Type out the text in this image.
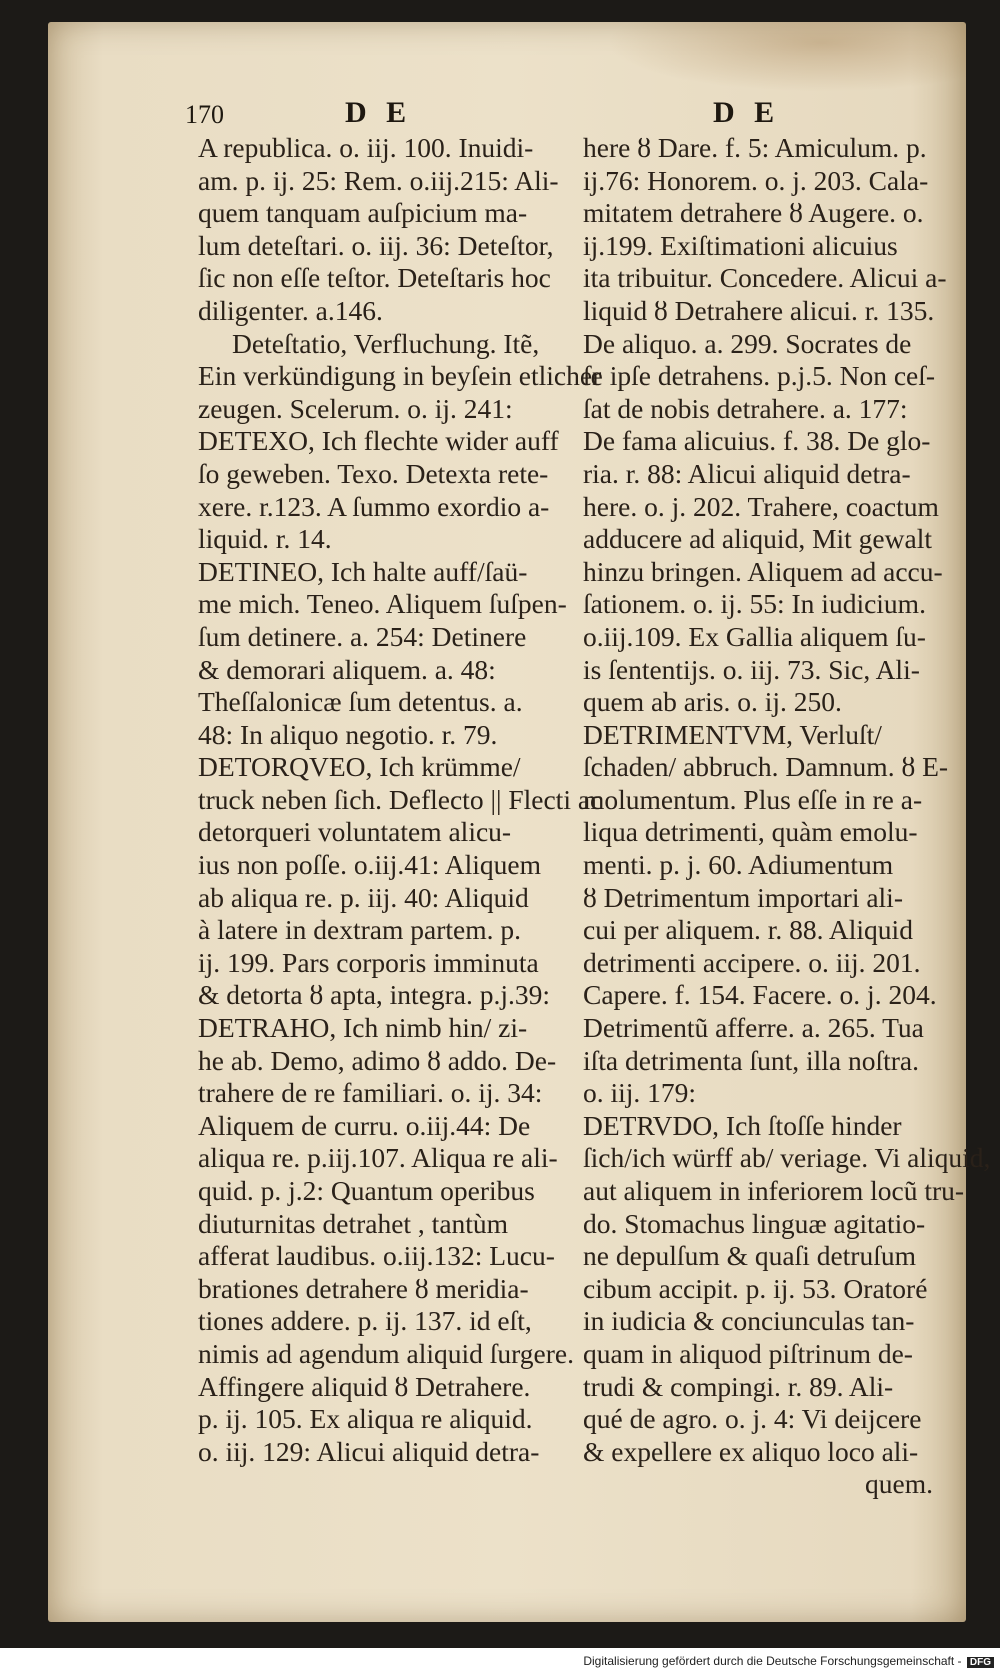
170	D E	D E
A republica. o. iij. 100. Inuidi-
am. p. ij. 25: Rem. o.iij.215: Ali-
quem tanquam auſpicium ma-
lum deteſtari. o. iij. 36: Deteſtor,
ſic non eſſe teſtor. Deteſtaris hoc
diligenter. a.146.
Deteſtatio, Verfluchung. Itẽ,
Ein verkündigung in beyſein etlicher
zeugen. Scelerum. o. ij. 241:
DETEXO, Ich flechte wider auff
ſo geweben. Texo. Detexta rete-
xere. r.123. A ſummo exordio a-
liquid. r. 14.
DETINEO, Ich halte auff/ſaü-
me mich. Teneo. Aliquem ſuſpen-
ſum detinere. a. 254: Detinere
& demorari aliquem. a. 48:
Theſſalonicæ ſum detentus. a.
48: In aliquo negotio. r. 79.
DETORQVEO, Ich krümme/
truck neben ſich. Deflecto || Flecti ac
detorqueri voluntatem alicu-
ius non poſſe. o.iij.41: Aliquem
ab aliqua re. p. iij. 40: Aliquid
à latere in dextram partem. p.
ij. 199. Pars corporis imminuta
& detorta ȣ apta, integra. p.j.39:
DETRAHO, Ich nimb hin/ zi-
he ab. Demo, adimo ȣ addo. De-
trahere de re familiari. o. ij. 34:
Aliquem de curru. o.iij.44: De
aliqua re. p.iij.107. Aliqua re ali-
quid. p. j.2: Quantum operibus
diuturnitas detrahet , tantùm
afferat laudibus. o.iij.132: Lucu-
brationes detrahere ȣ meridia-
tiones addere. p. ij. 137. id eſt,
nimis ad agendum aliquid ſurgere.
Affingere aliquid ȣ Detrahere.
p. ij. 105. Ex aliqua re aliquid.
o. iij. 129: Alicui aliquid detra-
here ȣ Dare. f. 5: Amiculum. p.
ij.76: Honorem. o. j. 203. Cala-
mitatem detrahere ȣ Augere. o.
ij.199. Exiſtimationi alicuius
ita tribuitur. Concedere. Alicui a-
liquid ȣ Detrahere alicui. r. 135.
De aliquo. a. 299. Socrates de
ſe ipſe detrahens. p.j.5. Non ceſ-
ſat de nobis detrahere. a. 177:
De fama alicuius. f. 38. De glo-
ria. r. 88: Alicui aliquid detra-
here. o. j. 202. Trahere, coactum
adducere ad aliquid, Mit gewalt
hinzu bringen. Aliquem ad accu-
ſationem. o. ij. 55: In iudicium.
o.iij.109. Ex Gallia aliquem ſu-
is ſententijs. o. iij. 73. Sic, Ali-
quem ab aris. o. ij. 250.
DETRIMENTVM, Verluſt/
ſchaden/ abbruch. Damnum. ȣ E-
molumentum. Plus eſſe in re a-
liqua detrimenti, quàm emolu-
menti. p. j. 60. Adiumentum
ȣ Detrimentum importari ali-
cui per aliquem. r. 88. Aliquid
detrimenti accipere. o. iij. 201.
Capere. f. 154. Facere. o. j. 204.
Detrimentũ afferre. a. 265. Tua
iſta detrimenta ſunt, illa noſtra.
o. iij. 179:
DETRVDO, Ich ſtoſſe hinder
ſich/ich würff ab/ veriage. Vi aliquid,
aut aliquem in inferiorem locũ tru-
do. Stomachus linguæ agitatio-
ne depulſum & quaſi detruſum
cibum accipit. p. ij. 53. Oratoré
in iudicia & conciunculas tan-
quam in aliquod piſtrinum de-
trudi & compingi. r. 89. Ali-
qué de agro. o. j. 4: Vi deijcere
& expellere ex aliquo loco ali-
quem.
Digitalisierung gefördert durch die Deutsche Forschungsgemeinschaft - DFG
